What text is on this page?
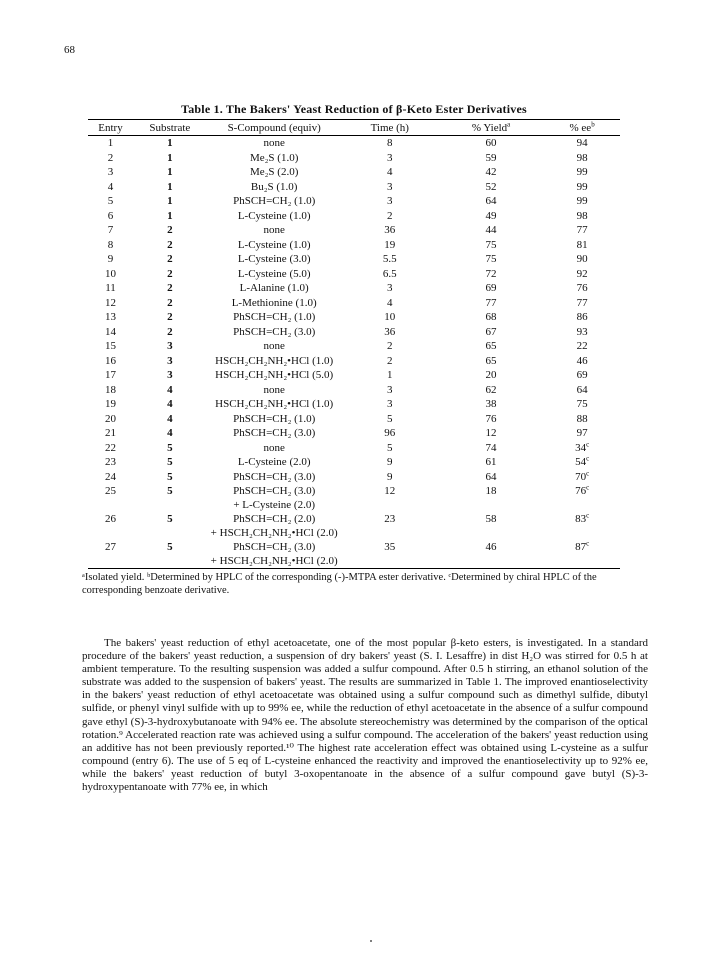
68
Table 1. The Bakers' Yeast Reduction of β-Keto Ester Derivatives
Entry	Substrate	S-Compound (equiv)	Time (h)	% Yield$^a$	% $ee^b$
1	1	none	8	60	94
2	1	Me₂S (1.0)	3	59	98
3	1	Me₂S (2.0)	4	42	99
4	1	Bu₂S (1.0)	3	52	99
5	1	PhSCH=CH₂ (1.0)	3	64	99
6	1	L-Cysteine (1.0)	2	49	98
7	2	none	36	44	77
8	2	L-Cysteine (1.0)	19	75	81
9	2	L-Cysteine (3.0)	5.5	75	90
10	2	L-Cysteine (5.0)	6.5	72	92
11	2	L-Alanine (1.0)	3	69	76
12	2	L-Methionine (1.0)	4	77	77
13	2	PhSCH=CH₂ (1.0)	10	68	86
14	2	PhSCH=CH₂ (3.0)	36	67	93
15	3	none	2	65	22
16	3	HSCH₂CH₂NH₂•HCl (1.0)	2	65	46
17	3	HSCH₂CH₂NH₂•HCl (5.0)	1	20	69
18	4	none	3	62	64
19	4	HSCH₂CH₂NH₂•HCl (1.0)	3	38	75
20	4	PhSCH=CH₂ (1.0)	5	76	88
21	4	PhSCH=CH₂ (3.0)	96	12	97
22	5	none	5	74	34$^c$
23	5	L-Cysteine (2.0)	9	61	54$^c$
24	5	PhSCH=CH₂ (3.0)	9	64	70$^c$
25	5	PhSCH=CH₂ (3.0)
+ L-Cysteine (2.0)	12	18	76$^c$
26	5	PhSCH=CH₂ (2.0)
+ HSCH₂CH₂NH₂•HCl (2.0)	23	58	83$^c$
27	5	PhSCH=CH₂ (3.0)
+ HSCH₂CH₂NH₂•HCl (2.0)	35	46	87$^c$
ᵃIsolated yield. ᵇDetermined by HPLC of the corresponding (-)-MTPA ester derivative. ᶜDetermined by chiral HPLC of the corresponding benzoate derivative.

The bakers' yeast reduction of ethyl acetoacetate, one of the most popular β-keto esters, is investigated. In a standard procedure of the bakers' yeast reduction, a suspension of dry bakers' yeast (S. I. Lesaffre) in dist H₂O was stirred for 0.5 h at ambient temperature. To the resulting suspension was added a sulfur compound. After 0.5 h stirring, an ethanol solution of the substrate was added to the suspension of bakers' yeast. The results are summarized in Table 1. The improved enantioselectivity in the bakers' yeast reduction of ethyl acetoacetate was obtained using a sulfur compound such as dimethyl sulfide, dibutyl sulfide, or phenyl vinyl sulfide with up to 99% ee, while the reduction of ethyl acetoacetate in the absence of a sulfur compound gave ethyl (S)-3-hydroxybutanoate with 94% ee. The absolute stereochemistry was determined by the comparison of the optical rotation.⁹ Accelerated reaction rate was achieved using a sulfur compound. The acceleration of the bakers' yeast reduction using an additive has not been previously reported.¹⁰ The highest rate acceleration effect was obtained using L-cysteine as a sulfur compound (entry 6). The use of 5 eq of L-cysteine enhanced the reactivity and improved the enantioselectivity up to 92% ee, while the bakers' yeast reduction of butyl 3-oxopentanoate in the absence of a sulfur compound gave butyl (S)-3-hydroxypentanoate with 77% ee, in which
